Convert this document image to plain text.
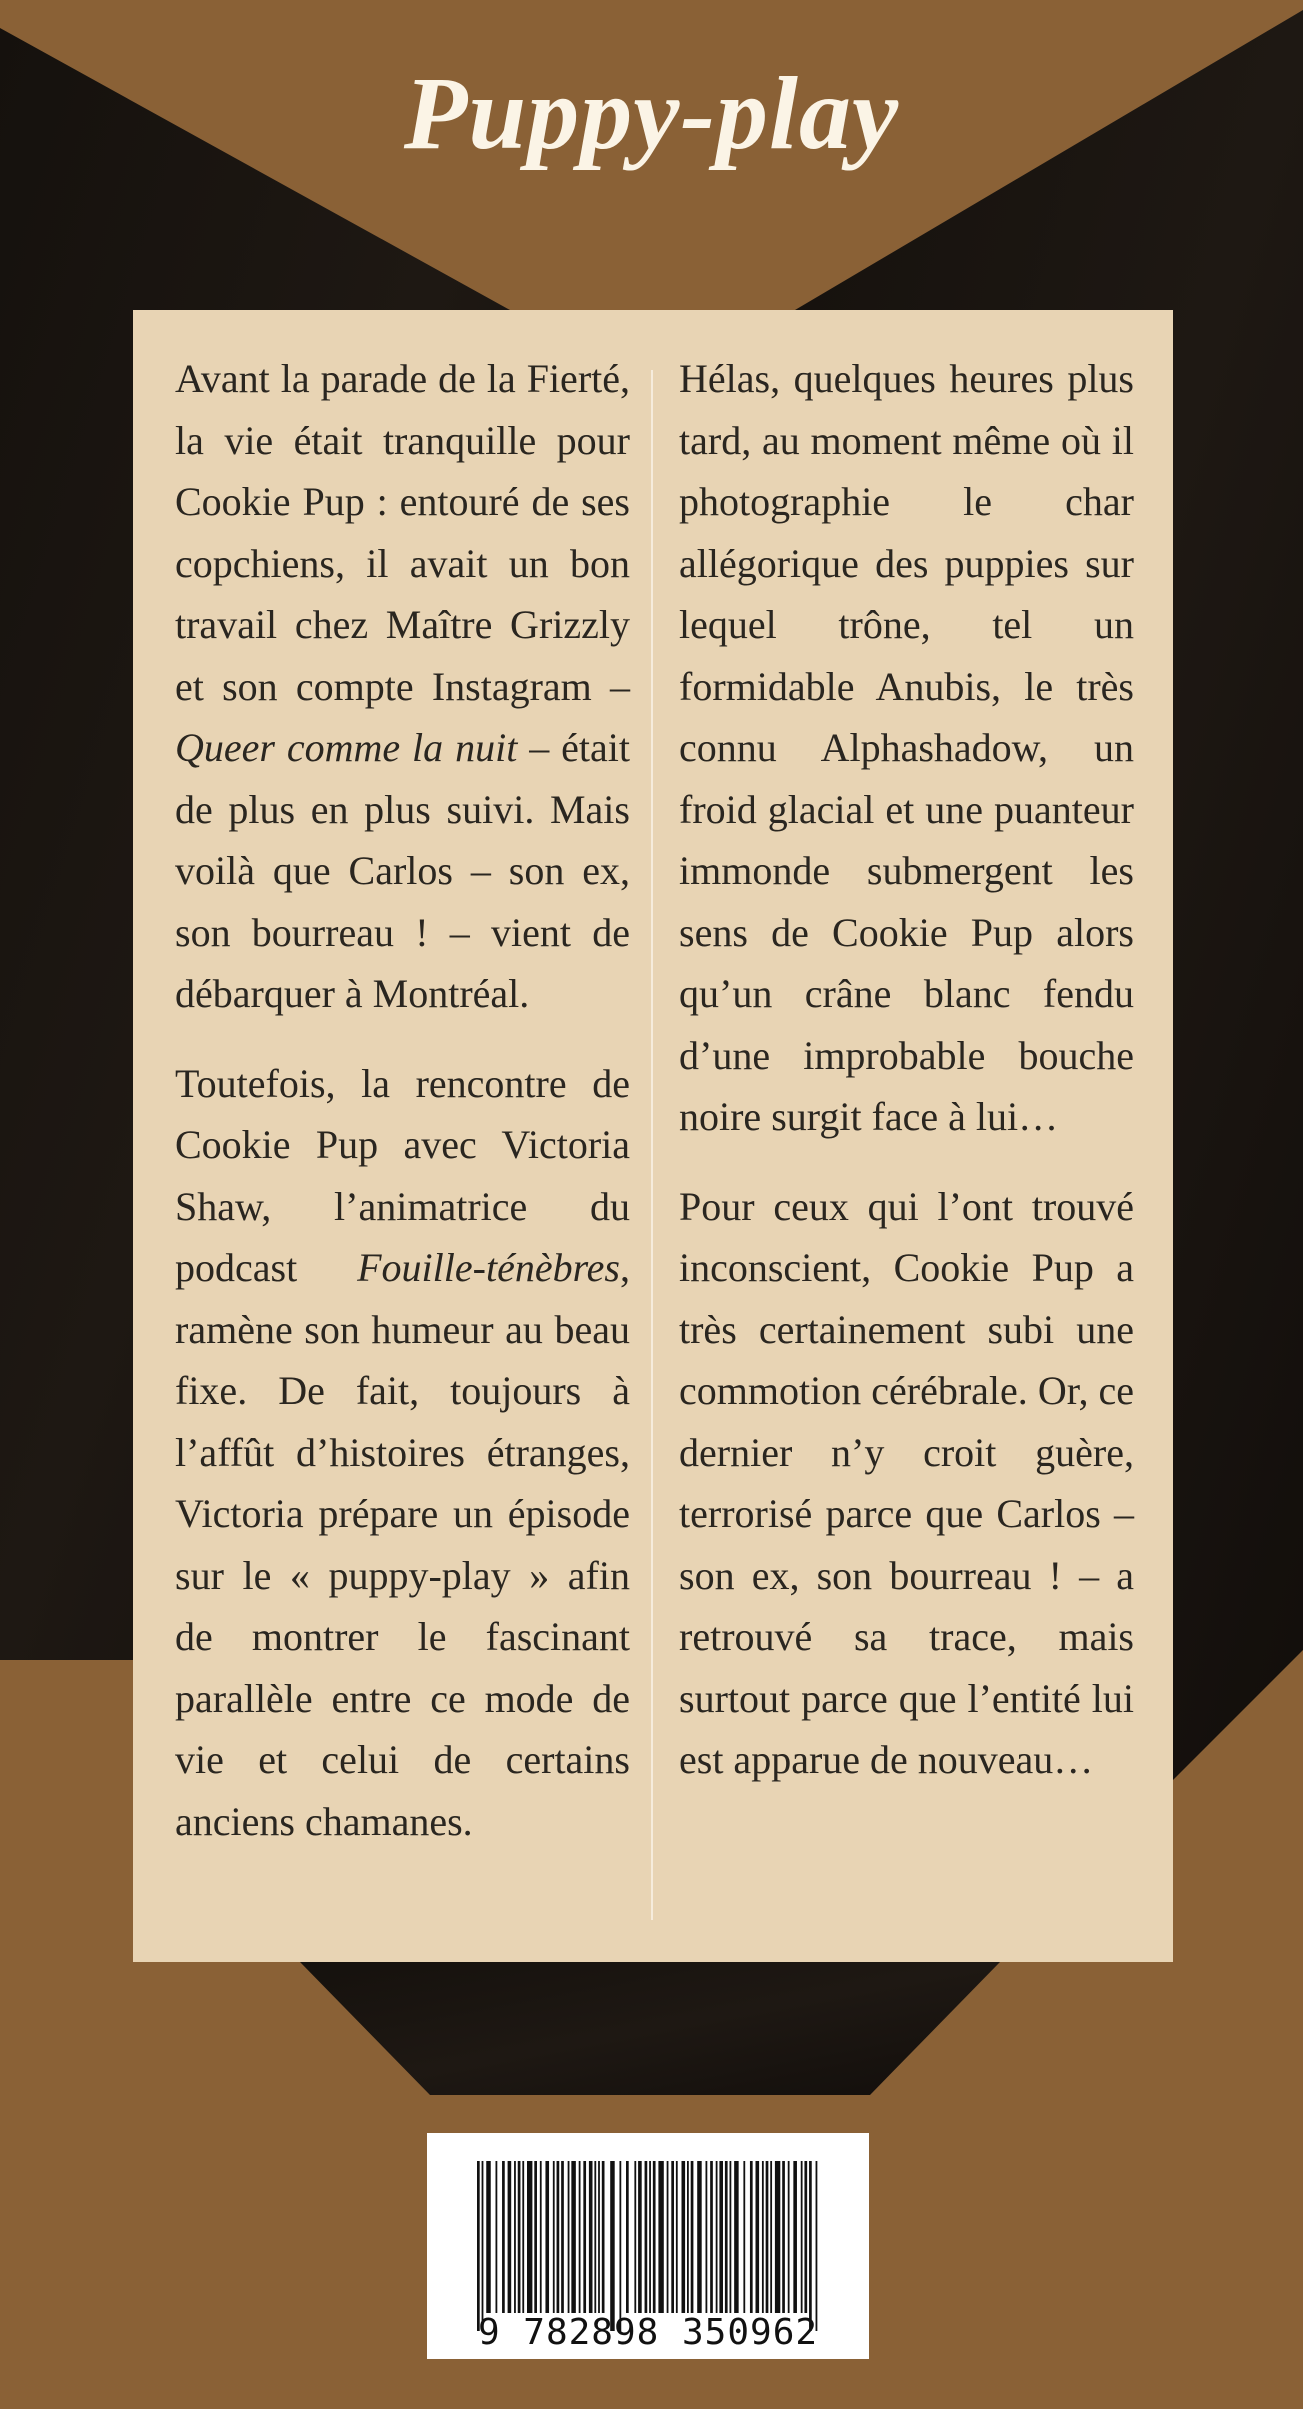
Puppy-play

Avant la parade de la Fierté, la vie était tranquille pour Cookie Pup : entouré de ses copchiens, il avait un bon travail chez Maître Grizzly et son compte Instagram – Queer comme la nuit – était de plus en plus suivi. Mais voilà que Carlos – son ex, son bourreau ! – vient de débarquer à Montréal.

Toutefois, la rencontre de Cookie Pup avec Victoria Shaw, l’animatrice du podcast Fouille-ténèbres, ramène son humeur au beau fixe. De fait, toujours à l’affût d’histoires étranges, Victoria prépare un épisode sur le « puppy-play » afin de montrer le fascinant parallèle entre ce mode de vie et celui de certains anciens chamanes.

Hélas, quelques heures plus tard, au moment même où il photographie le char allégorique des puppies sur lequel trône, tel un formidable Anubis, le très connu Alphashadow, un froid glacial et une puanteur immonde submergent les sens de Cookie Pup alors qu’un crâne blanc fendu d’une improbable bouche noire surgit face à lui…

Pour ceux qui l’ont trouvé inconscient, Cookie Pup a très certainement subi une commotion cérébrale. Or, ce dernier n’y croit guère, terrorisé parce que Carlos – son ex, son bourreau ! – a retrouvé sa trace, mais surtout parce que l’entité lui est apparue de nouveau…

9 782898 350962
